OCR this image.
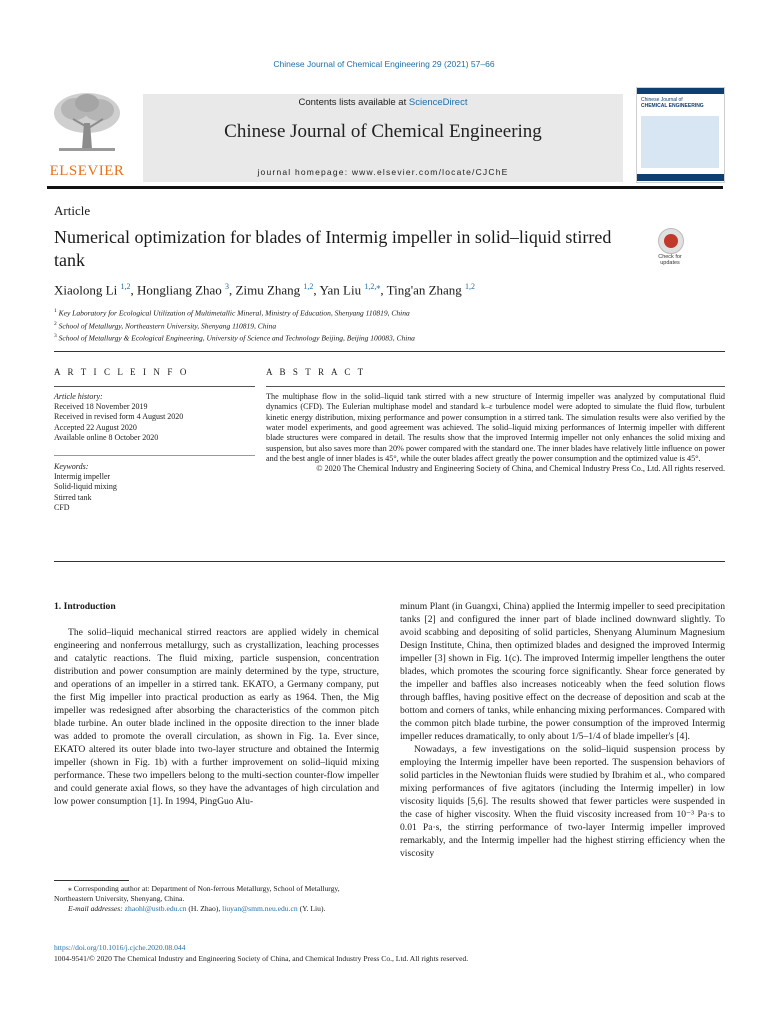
Chinese Journal of Chemical Engineering 29 (2021) 57–66
ELSEVIER
Contents lists available at ScienceDirect
Chinese Journal of Chemical Engineering
journal homepage: www.elsevier.com/locate/CJChE
Chinese Journal of
CHEMICAL ENGINEERING
Article
Numerical optimization for blades of Intermig impeller in solid–liquid stirred tank	Check for updates
Xiaolong Li $^{1,2}$, Hongliang Zhao $^3$, Zimu Zhang $^{1,2}$, Yan Liu $^{1,2,⁎}$, Ting'an Zhang $^{1,2}$
$^1$ Key Laboratory for Ecological Utilization of Multimetallic Mineral, Ministry of Education, Shenyang 110819, China
$^2$ School of Metallurgy, Northeastern University, Shenyang 110819, China
$^3$ School of Metallurgy & Ecological Engineering, University of Science and Technology Beijing, Beijing 100083, China
A R T I C L E I N F O	A B S T R A C T
Article history:
Received 18 November 2019
Received in revised form 4 August 2020
Accepted 22 August 2020
Available online 8 October 2020
Keywords:
Intermig impeller
Solid-liquid mixing
Stirred tank
CFD
The multiphase flow in the solid–liquid tank stirred with a new structure of Intermig impeller was analyzed by computational fluid dynamics (CFD). The Eulerian multiphase model and standard k–ε turbulence model were adopted to simulate the fluid flow, turbulent kinetic energy distribution, mixing performance and power consumption in a stirred tank. The simulation results were also verified by the water model experiments, and good agreement was achieved. The solid–liquid mixing performances of Intermig impeller with different blade structures were compared in detail. The results show that the improved Intermig impeller not only enhances the solid mixing and suspension, but also saves more than 20% power compared with the standard one. The inner blades have relatively little influence on power and the best angle of inner blades is 45°, while the outer blades affect greatly the power consumption and the optimized value is 45°.
© 2020 The Chemical Industry and Engineering Society of China, and Chemical Industry Press Co., Ltd. All rights reserved.

1. Introduction

The solid–liquid mechanical stirred reactors are applied widely in chemical engineering and nonferrous metallurgy, such as crystallization, leaching processes and catalytic reactions. The fluid mixing, particle suspension, concentration distribution and power consumption are mainly determined by the type, structure, and operations of an impeller in a stirred tank. EKATO, a Germany company, put the first Mig impeller into practical production as early as 1964. Then, the Mig impeller was redesigned after absorbing the characteristics of the common pitch blade turbine. An outer blade inclined in the opposite direction to the inner blade was added to promote the overall circulation, as shown in Fig. 1a. Ever since, EKATO altered its outer blade into two-layer structure and obtained the Intermig impeller (shown in Fig. 1b) with a further improvement on solid–liquid mixing performance. These two impellers belong to the multi-section counter-flow impeller and could generate axial flows, so they have the advantages of high circulation and low power consumption [1]. In 1994, PingGuo Alu-

minum Plant (in Guangxi, China) applied the Intermig impeller to seed precipitation tanks [2] and configured the inner part of blade inclined downward slightly. To avoid scabbing and depositing of solid particles, Shenyang Aluminum Magnesium Design Institute, China, then optimized blades and designed the improved Intermig impeller [3] shown in Fig. 1(c). The improved Intermig impeller lengthens the outer blades, which promotes the scouring force significantly. Shear force generated by the impeller and baffles also increases noticeably when the feed solution flows through baffles, having positive effect on the decrease of deposition and scab at the bottom and corners of tanks, while enhancing mixing performances. Compared with the common pitch blade turbine, the power consumption of the improved Intermig impeller reduces dramatically, to only about 1/5–1/4 of blade impeller's [4].

Nowadays, a few investigations on the solid–liquid suspension process by employing the Intermig impeller have been reported. The suspension behaviors of solid particles in the Newtonian fluids were studied by Ibrahim et al., who compared mixing performances of five agitators (including the Intermig impeller) in low viscosity liquids [5,6]. The results showed that fewer particles were suspended in the case of higher viscosity. When the fluid viscosity increased from 10⁻³ Pa·s to 0.01 Pa·s, the stirring performance of two-layer Intermig impeller improved remarkably, and the Intermig impeller had the highest stirring efficiency when the viscosity

⁎ Corresponding author at: Department of Non-ferrous Metallurgy, School of Metallurgy, Northeastern University, Shenyang, China.

E-mail addresses: zhaohl@ustb.edu.cn (H. Zhao), liuyan@smm.neu.edu.cn (Y. Liu).

https://doi.org/10.1016/j.cjche.2020.08.044
1004-9541/© 2020 The Chemical Industry and Engineering Society of China, and Chemical Industry Press Co., Ltd. All rights reserved.
